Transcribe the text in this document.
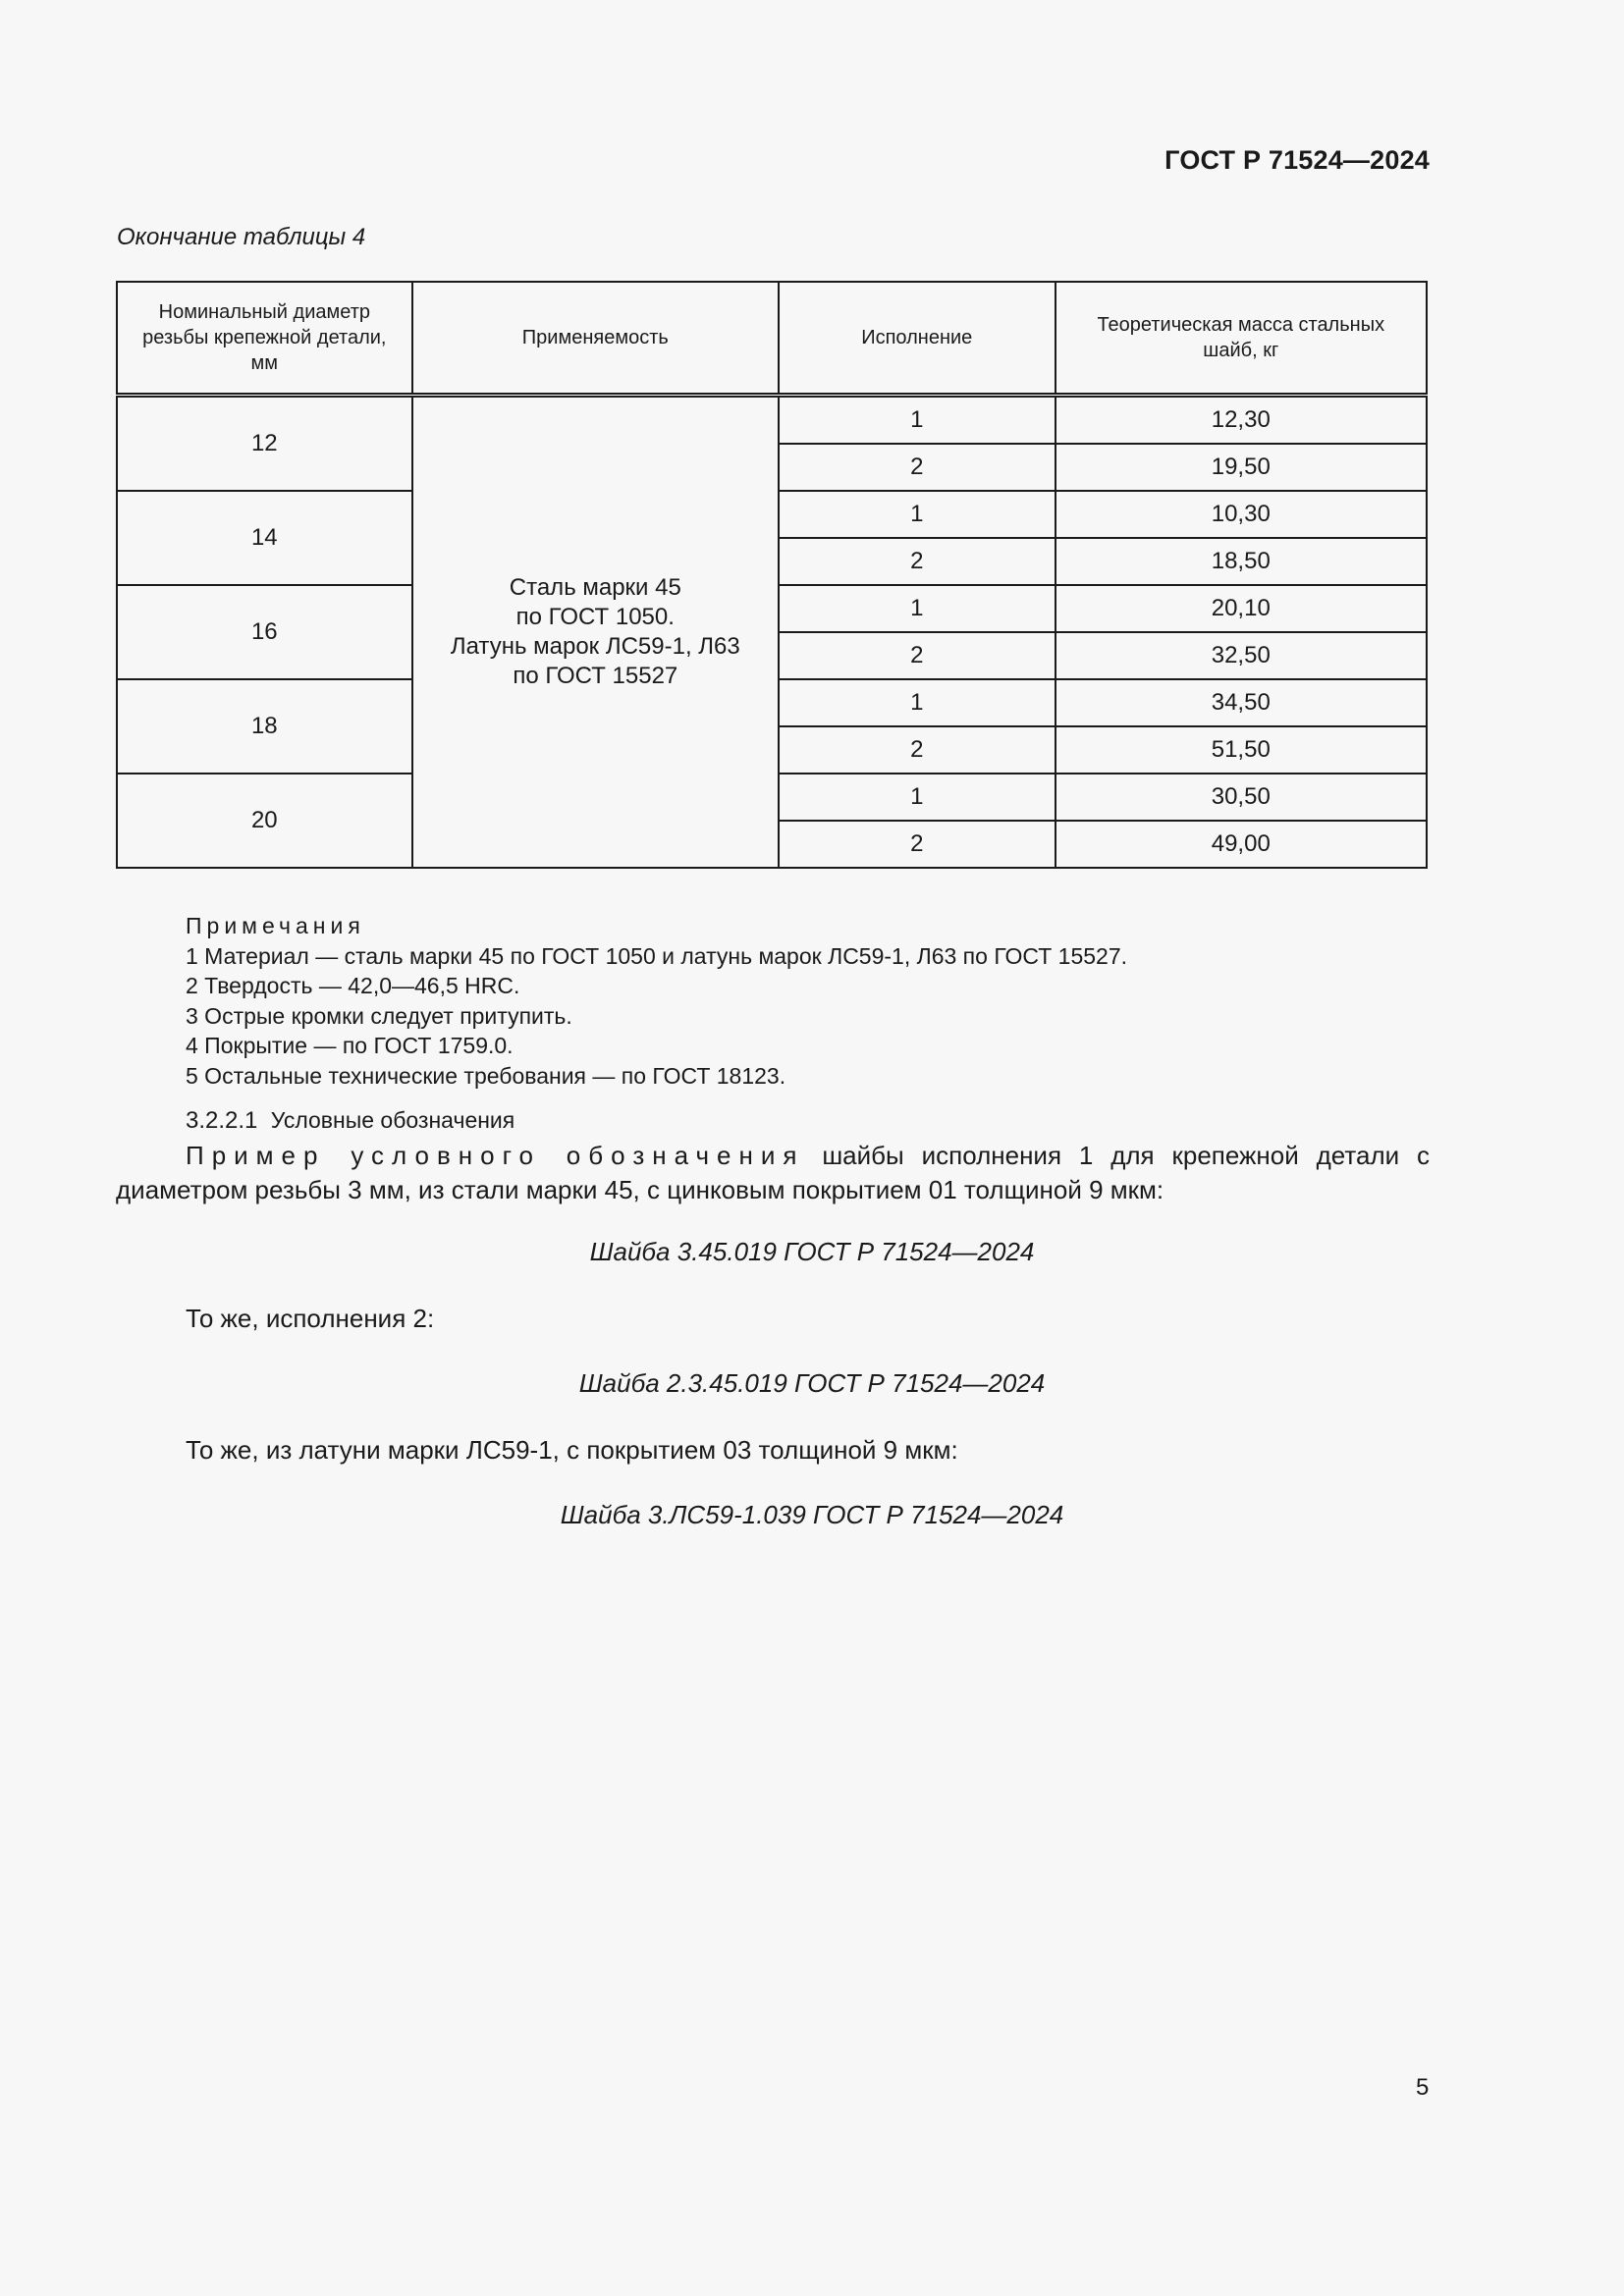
ГОСТ Р 71524—2024
Окончание таблицы 4
Номинальный диаметр резьбы крепежной детали, мм	Применяемость	Исполнение	Теоретическая масса стальных шайб, кг

12	Сталь марки 45
по ГОСТ 1050.
Латунь марок ЛС59-1, Л63
по ГОСТ 15527	1	12,30
		2	19,50
14		1	10,30
		2	18,50
16		1	20,10
		2	32,50
18		1	34,50
		2	51,50
20		1	30,50
		2	49,00
Примечания
1 Материал — сталь марки 45 по ГОСТ 1050 и латунь марок ЛС59-1, Л63 по ГОСТ 15527.
2 Твердость — 42,0—46,5 HRC.
3 Острые кромки следует притупить.
4 Покрытие — по ГОСТ 1759.0.
5 Остальные технические требования — по ГОСТ 18123.
3.2.2.1 Условные обозначения
Пример условного обозначения шайбы исполнения 1 для крепежной детали с диаметром резьбы 3 мм, из стали марки 45, с цинковым покрытием 01 толщиной 9 мкм:
Шайба 3.45.019 ГОСТ Р 71524—2024
То же, исполнения 2:
Шайба 2.3.45.019 ГОСТ Р 71524—2024
То же, из латуни марки ЛС59-1, с покрытием 03 толщиной 9 мкм:
Шайба 3.ЛС59-1.039 ГОСТ Р 71524—2024
5
